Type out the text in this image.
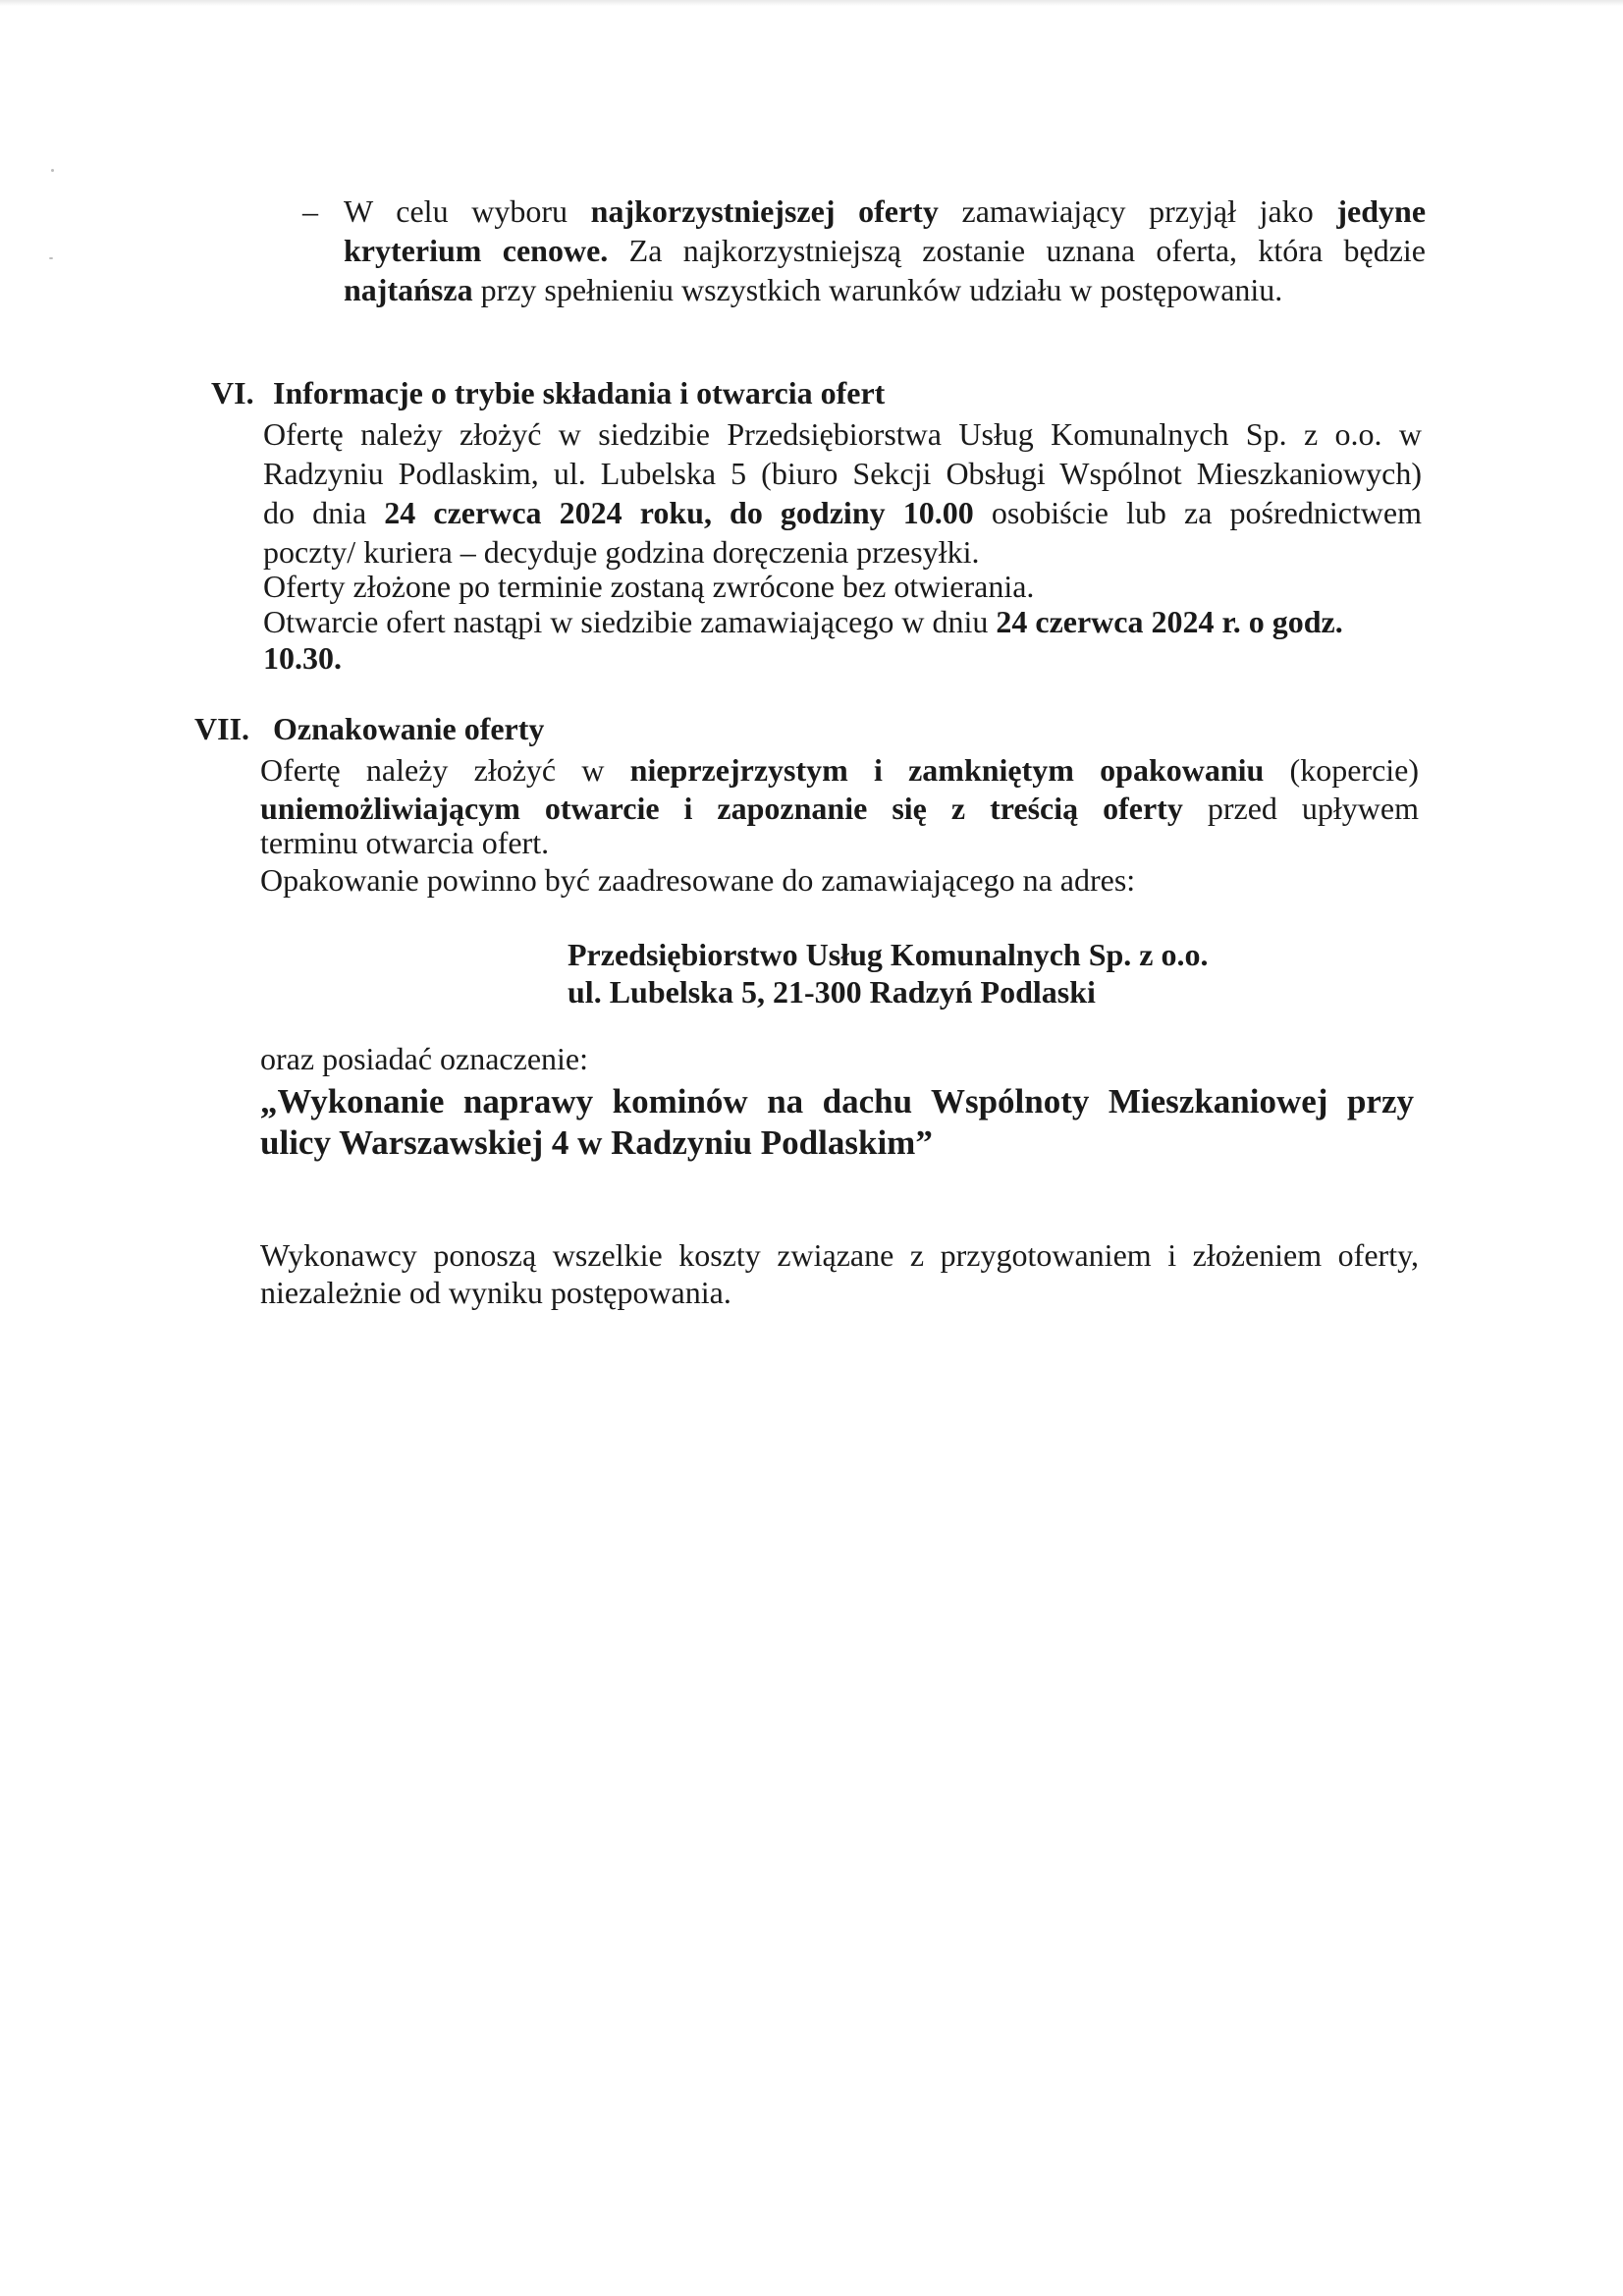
– W celu wyboru najkorzystniejszej oferty zamawiający przyjął jako jedyne
kryterium cenowe. Za najkorzystniejszą zostanie uznana oferta, która będzie
najtańsza przy spełnieniu wszystkich warunków udziału w postępowaniu.
VI. Informacje o trybie składania i otwarcia ofert
Ofertę należy złożyć w siedzibie Przedsiębiorstwa Usług Komunalnych Sp. z o.o. w
Radzyniu Podlaskim, ul. Lubelska 5 (biuro Sekcji Obsługi Wspólnot Mieszkaniowych)
do dnia 24 czerwca 2024 roku, do godziny 10.00 osobiście lub za pośrednictwem
poczty/ kuriera – decyduje godzina doręczenia przesyłki.
Oferty złożone po terminie zostaną zwrócone bez otwierania.
Otwarcie ofert nastąpi w siedzibie zamawiającego w dniu 24 czerwca 2024 r. o godz.
10.30.
VII. Oznakowanie oferty
Ofertę należy złożyć w nieprzejrzystym i zamkniętym opakowaniu (kopercie)
uniemożliwiającym otwarcie i zapoznanie się z treścią oferty przed upływem
terminu otwarcia ofert.
Opakowanie powinno być zaadresowane do zamawiającego na adres:
Przedsiębiorstwo Usług Komunalnych Sp. z o.o.
ul. Lubelska 5, 21-300 Radzyń Podlaski
oraz posiadać oznaczenie:
„Wykonanie naprawy kominów na dachu Wspólnoty Mieszkaniowej przy
ulicy Warszawskiej 4 w Radzyniu Podlaskim”
Wykonawcy ponoszą wszelkie koszty związane z przygotowaniem i złożeniem oferty,
niezależnie od wyniku postępowania.
